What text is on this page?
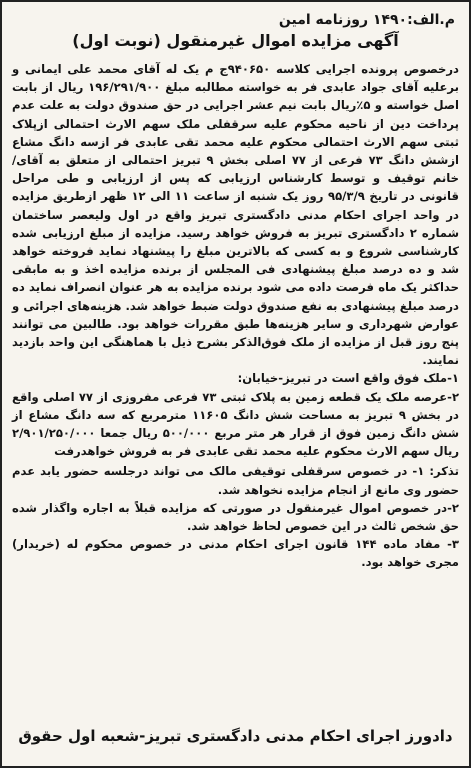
م.الف:۱۴۹۰ روزنامه امین
آگهی مزایده اموال غیرمنقول (نوبت اول)

درخصوص پرونده اجرایی کلاسه ۹۴۰۶۵۰ج م یک له آقای محمد علی ایمانی و برعلیه آقای جواد عابدی فر به خواسته مطالبه مبلغ ۱۹۶/۲۹۱/۹۰۰ ریال از بابت اصل خواسته و ۵٪ریال بابت نیم عشر اجرایی در حق صندوق دولت به علت عدم پرداخت دین از ناحیه محکوم علیه سرقفلی ملک سهم الارث احتمالی ازپلاک ثبتی سهم الارث احتمالی محکوم علیه محمد تقی عابدی فر ازسه دانگ مشاع ازشش دانگ ۷۳ فرعی از ۷۷ اصلی بخش ۹ تبریز احتمالی از متعلق به آقای/خانم توقیف و توسط کارشناس ارزیابی که پس از ارزیابی و طی مراحل قانونی در تاریخ ۹۵/۳/۹ روز یک شنبه از ساعت ۱۱ الی ۱۲ ظهر ازطریق مزایده در واحد اجرای احکام مدنی دادگستری تبریز واقع در اول ولیعصر ساختمان شماره ۲ دادگستری تبریز به فروش خواهد رسید. مزایده از مبلغ ارزیابی شده کارشناسی شروع و به کسی که بالاترین مبلغ را پیشنهاد نماید فروخته خواهد شد و ده درصد مبلغ پیشنهادی فی المجلس از برنده مزایده اخذ و به مابقی حداکثر یک ماه فرصت داده می شود برنده مزایده به هر عنوان انصراف نماید ده درصد مبلغ پیشنهادی به نفع صندوق دولت ضبط خواهد شد. هزینه‌های اجرائی و عوارض شهرداری و سایر هزینه‌ها طبق مقررات خواهد بود. طالبین می توانند پنج روز قبل از مزایده از ملک فوق‌الذکر بشرح ذیل با هماهنگی این واحد بازدید نمایند.

۱-ملک فوق واقع است در تبریز-خیابان:

۲-عرصه ملک یک قطعه زمین به پلاک ثبتی ۷۳ فرعی مفروزی از ۷۷ اصلی واقع در بخش ۹ تبریز به مساحت شش دانگ ۱۱۶۰۵ مترمربع که سه دانگ مشاع از شش دانگ زمین فوق از قرار هر متر مربع ۵۰۰/۰۰۰ ریال جمعا ۲/۹۰۱/۲۵۰/۰۰۰ ریال سهم الارث محکوم علیه محمد تقی عابدی فر به فروش خواهدرفت

تذکر: ۱- در خصوص سرقفلی توقیفی مالک می تواند درجلسه حضور یابد عدم حضور وی مانع از انجام مزایده نخواهد شد.

۲-در خصوص اموال غیرمنقول در صورتی که مزایده قبلاً به اجاره واگذار شده حق شخص ثالث در این خصوص لحاظ خواهد شد.

۳- مفاد ماده ۱۴۴ قانون اجرای احکام مدنی در خصوص محکوم له (خریدار) مجری خواهد بود.

دادورز اجرای احکام مدنی دادگستری تبریز-شعبه اول حقوق
